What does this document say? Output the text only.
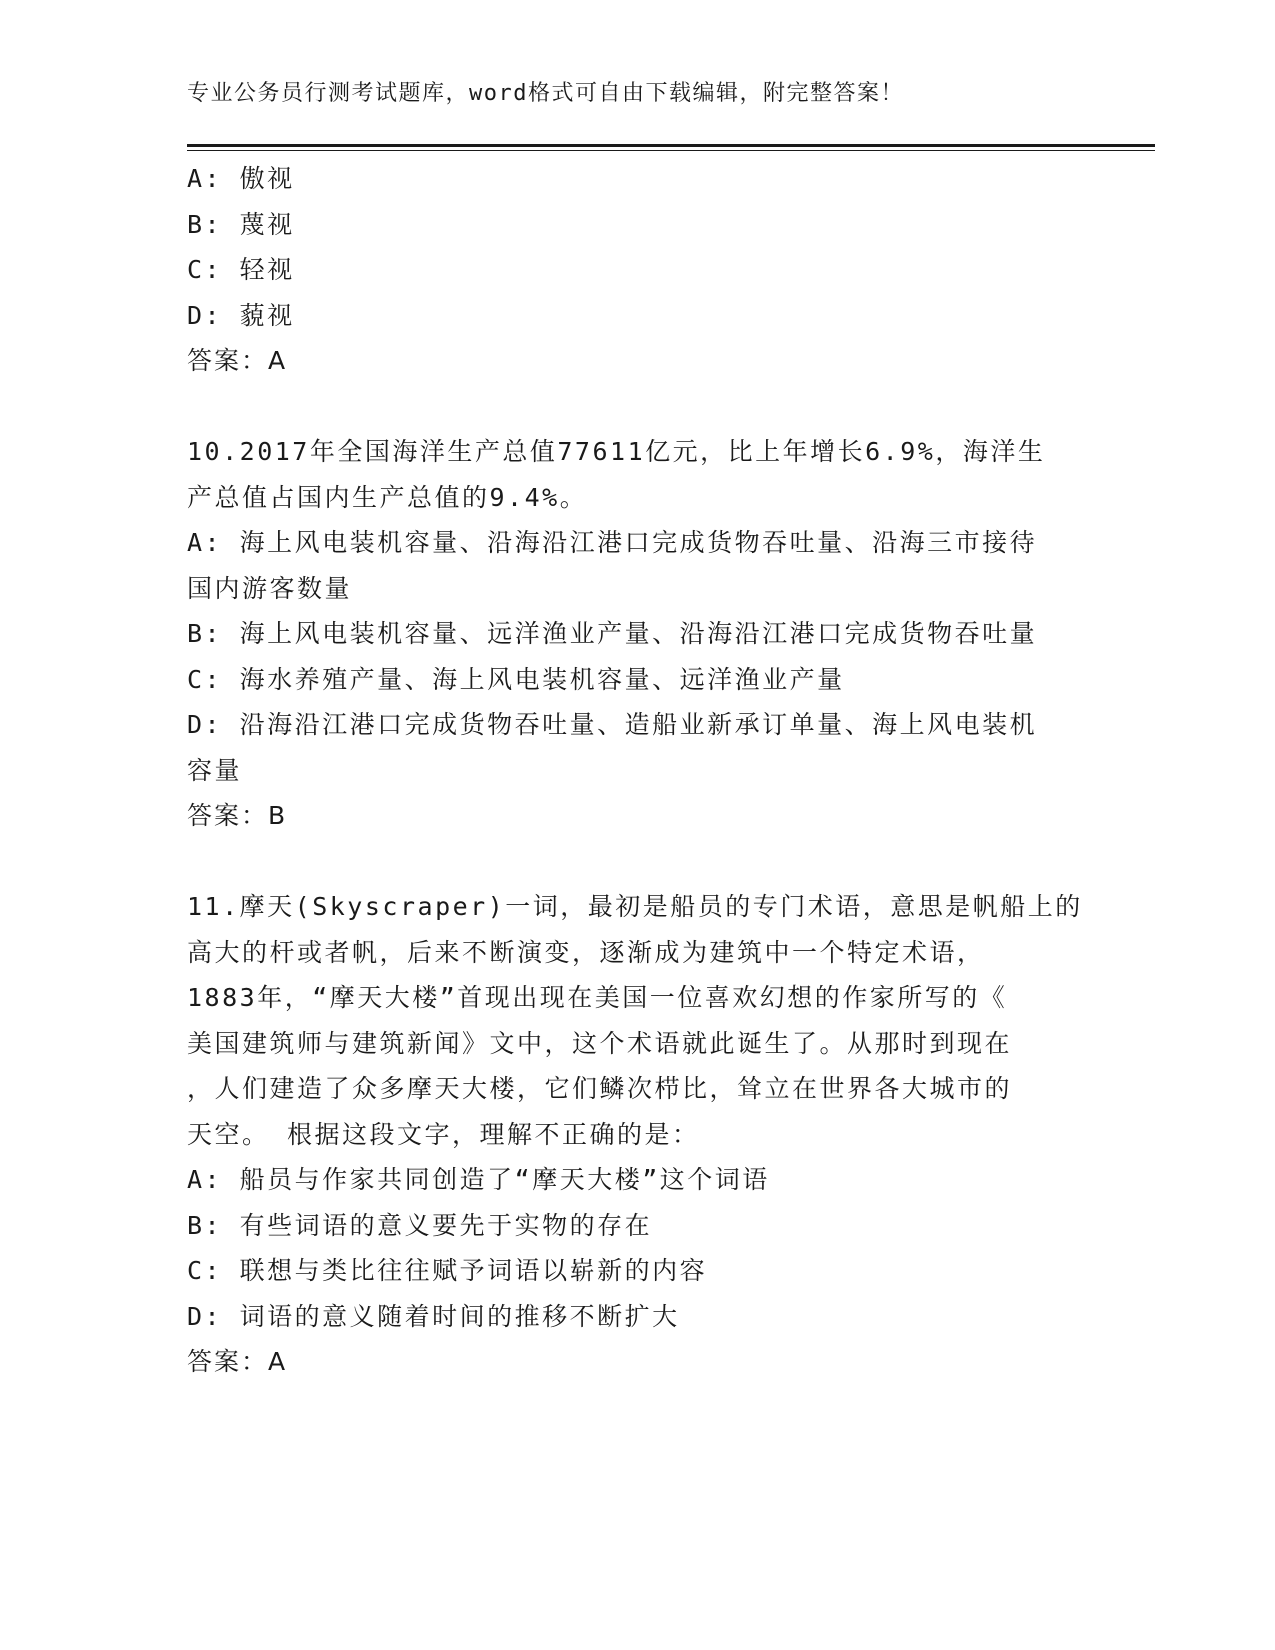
专业公务员行测考试题库，word格式可自由下载编辑，附完整答案！
A: 傲视
B: 蔑视
C: 轻视
D: 藐视
答案：A
10.2017年全国海洋生产总值77611亿元，比上年增长6.9%，海洋生
产总值占国内生产总值的9.4%。
A: 海上风电装机容量、沿海沿江港口完成货物吞吐量、沿海三市接待
国内游客数量
B: 海上风电装机容量、远洋渔业产量、沿海沿江港口完成货物吞吐量
C: 海水养殖产量、海上风电装机容量、远洋渔业产量
D: 沿海沿江港口完成货物吞吐量、造船业新承订单量、海上风电装机
容量
答案：B
11.摩天(Skyscraper)一词，最初是船员的专门术语，意思是帆船上的
高大的杆或者帆，后来不断演变，逐渐成为建筑中一个特定术语，
1883年，“摩天大楼”首现出现在美国一位喜欢幻想的作家所写的《
美国建筑师与建筑新闻》文中，这个术语就此诞生了。从那时到现在
，人们建造了众多摩天大楼，它们鳞次栉比，耸立在世界各大城市的
天空。 根据这段文字，理解不正确的是：
A: 船员与作家共同创造了“摩天大楼”这个词语
B: 有些词语的意义要先于实物的存在
C: 联想与类比往往赋予词语以崭新的内容
D: 词语的意义随着时间的推移不断扩大
答案：A
